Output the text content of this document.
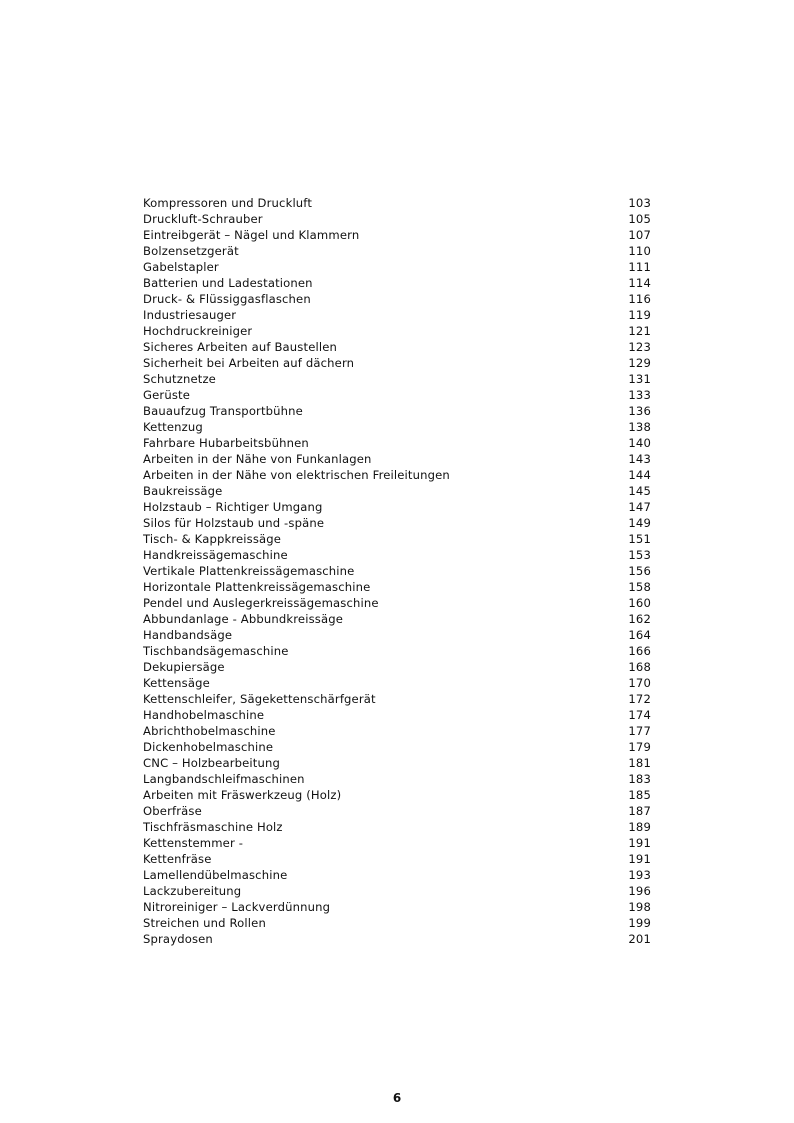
Kompressoren und Druckluft	103
Druckluft-Schrauber	105
Eintreibgerät – Nägel und Klammern	107
Bolzensetzgerät	110
Gabelstapler	111
Batterien und Ladestationen	114
Druck- & Flüssiggasflaschen	116
Industriesauger	119
Hochdruckreiniger	121
Sicheres Arbeiten auf Baustellen	123
Sicherheit bei Arbeiten auf dächern	129
Schutznetze	131
Gerüste	133
Bauaufzug Transportbühne	136
Kettenzug	138
Fahrbare Hubarbeitsbühnen	140
Arbeiten in der Nähe von Funkanlagen	143
Arbeiten in der Nähe von elektrischen Freileitungen	144
Baukreissäge	145
Holzstaub – Richtiger Umgang	147
Silos für Holzstaub und -späne	149
Tisch- & Kappkreissäge	151
Handkreissägemaschine	153
Vertikale Plattenkreissägemaschine	156
Horizontale Plattenkreissägemaschine	158
Pendel und Auslegerkreissägemaschine	160
Abbundanlage - Abbundkreissäge	162
Handbandsäge	164
Tischbandsägemaschine	166
Dekupiersäge	168
Kettensäge	170
Kettenschleifer, Sägekettenschärfgerät	172
Handhobelmaschine	174
Abrichthobelmaschine	177
Dickenhobelmaschine	179
CNC – Holzbearbeitung	181
Langbandschleifmaschinen	183
Arbeiten mit Fräswerkzeug (Holz)	185
Oberfräse	187
Tischfräsmaschine Holz	189
Kettenstemmer -	191
Kettenfräse	191
Lamellendübelmaschine	193
Lackzubereitung	196
Nitroreiniger – Lackverdünnung	198
Streichen und Rollen	199
Spraydosen	201
6
